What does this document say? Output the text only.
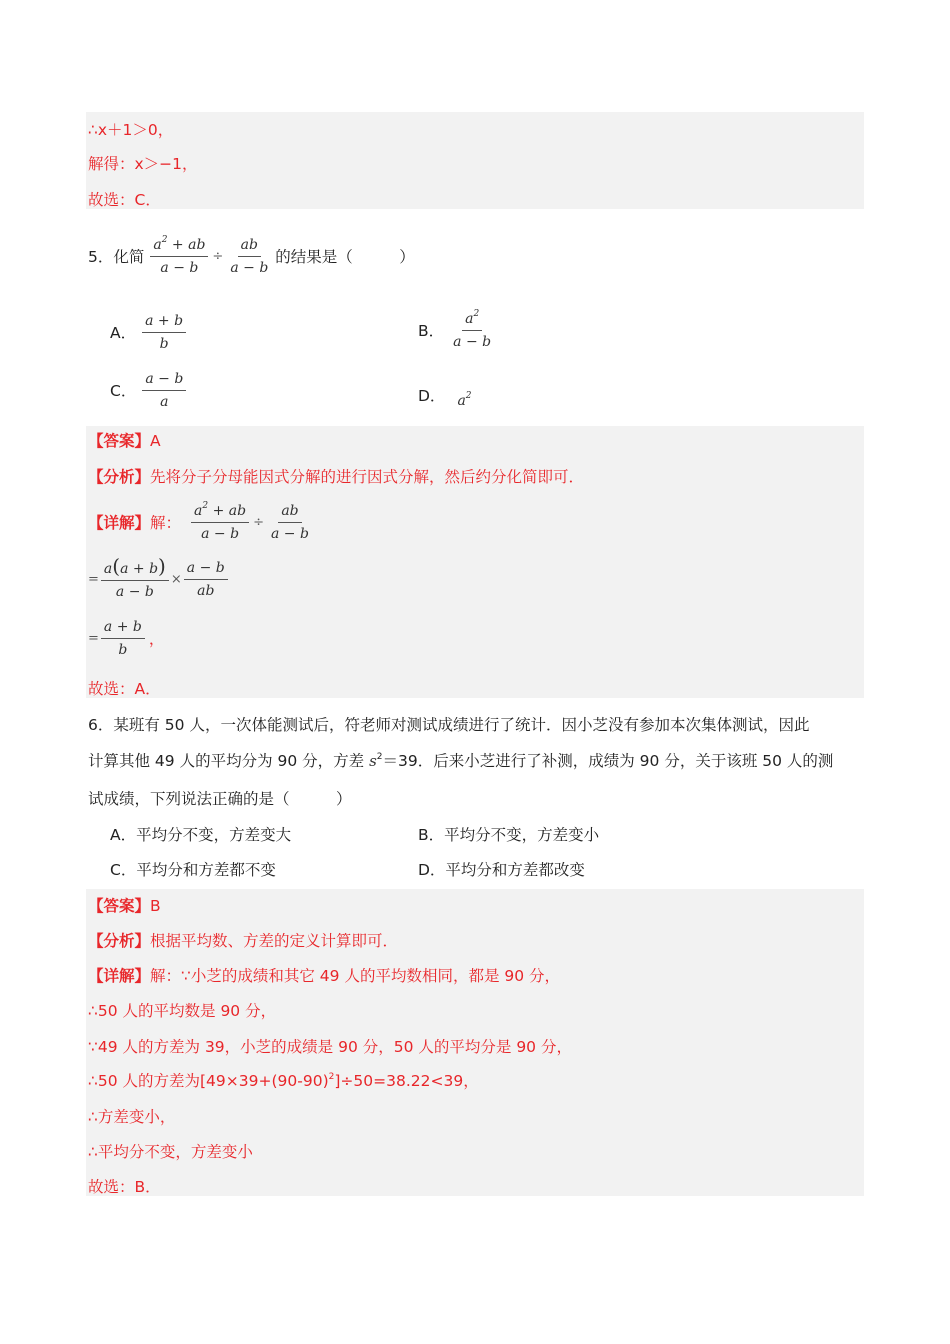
∴x＋1＞0，
解得：x＞−1，
故选：C．
5．化简 $\frac{a^2 + ab}{a - b} \div \frac{ab}{a - b}$ 的结果是（　　　）
A． $\frac{a + b}{b}$	B． $\frac{a^2}{a - b}$
C． $\frac{a - b}{a}$	D． $a^2$
【答案】A
【分析】先将分子分母能因式分解的进行因式分解，然后约分化简即可．
【详解】 解： $\frac{a^2 + ab}{a - b} \div \frac{ab}{a - b}$
= $\frac{a(a + b)}{a - b} \times \frac{a - b}{ab}$
= $\frac{a + b}{b}$ ，
故选：A．
6．某班有 50 人，一次体能测试后，符老师对测试成绩进行了统计．因小芝没有参加本次集体测试，因此
计算其他 49 人的平均分为 90 分，方差 $s^2=39$．后来小芝进行了补测，成绩为 90 分，关于该班 50 人的测
试成绩，下列说法正确的是（　　　）
A．平均分不变，方差变大	B．平均分不变，方差变小
C．平均分和方差都不变	D．平均分和方差都改变
【答案】B
【分析】根据平均数、方差的定义计算即可．
【详解】解：∵小芝的成绩和其它 49 人的平均数相同，都是 90 分，
∴50 人的平均数是 90 分，
∵49 人的方差为 39，小芝的成绩是 90 分，50 人的平均分是 90 分，
∴50 人的方差为$[49\times 39+(90-90)^2]\div 50=38.22<39$，
∴方差变小，
∴平均分不变，方差变小
故选：B．
